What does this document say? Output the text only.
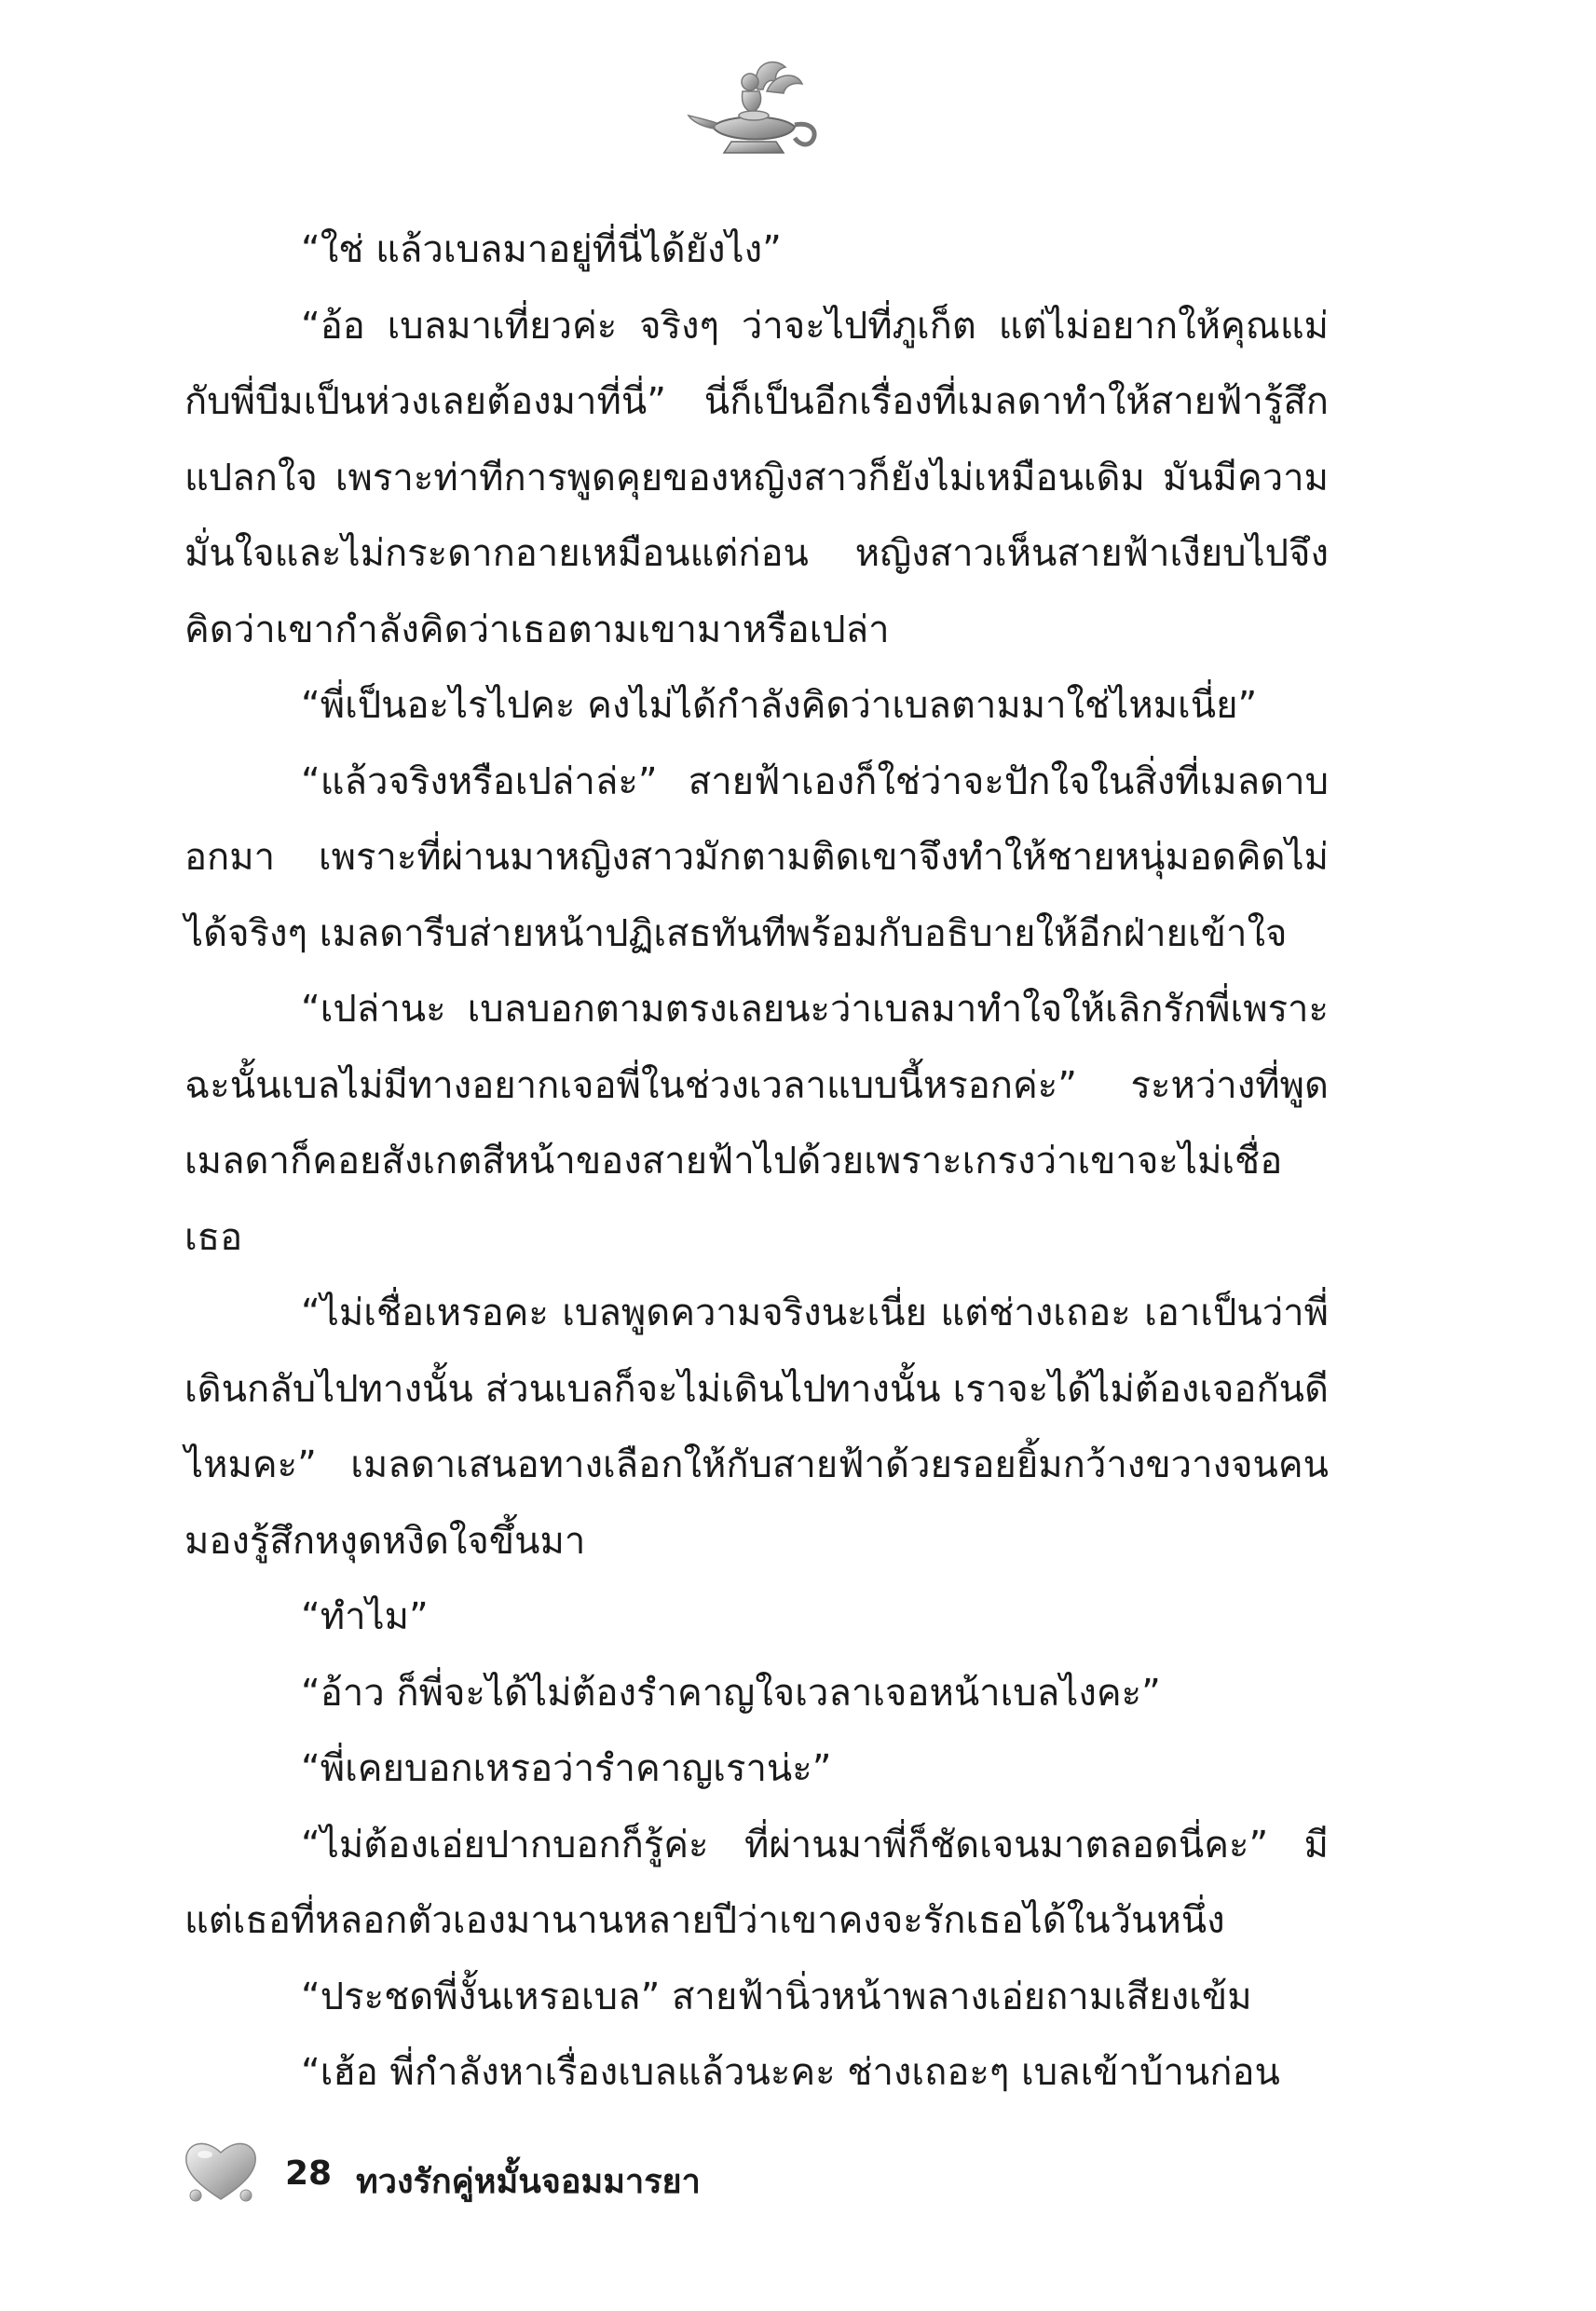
“ใช่ แล้วเบลมาอยู่ที่นี่ได้ยังไง”

“อ้อ เบลมาเที่ยวค่ะ จริงๆ ว่าจะไปที่ภูเก็ต แต่ไม่อยากให้คุณแม่กับพี่บีมเป็นห่วงเลยต้องมาที่นี่” นี่ก็เป็นอีกเรื่องที่เมลดาทำให้สายฟ้ารู้สึกแปลกใจ เพราะท่าทีการพูดคุยของหญิงสาวก็ยังไม่เหมือนเดิม มันมีความมั่นใจและไม่กระดากอายเหมือนแต่ก่อน หญิงสาวเห็นสายฟ้าเงียบไปจึงคิดว่าเขากำลังคิดว่าเธอตามเขามาหรือเปล่า

“พี่เป็นอะไรไปคะ คงไม่ได้กำลังคิดว่าเบลตามมาใช่ไหมเนี่ย”

“แล้วจริงหรือเปล่าล่ะ” สายฟ้าเองก็ใช่ว่าจะปักใจในสิ่งที่เมลดาบอกมา เพราะที่ผ่านมาหญิงสาวมักตามติดเขาจึงทำให้ชายหนุ่มอดคิดไม่ได้จริงๆ เมลดารีบส่ายหน้าปฏิเสธทันทีพร้อมกับอธิบายให้อีกฝ่ายเข้าใจ

“เปล่านะ เบลบอกตามตรงเลยนะว่าเบลมาทำใจให้เลิกรักพี่เพราะฉะนั้นเบลไม่มีทางอยากเจอพี่ในช่วงเวลาแบบนี้หรอกค่ะ” ระหว่างที่พูดเมลดาก็คอยสังเกตสีหน้าของสายฟ้าไปด้วยเพราะเกรงว่าเขาจะไม่เชื่อเธอ

“ไม่เชื่อเหรอคะ เบลพูดความจริงนะเนี่ย แต่ช่างเถอะ เอาเป็นว่าพี่เดินกลับไปทางนั้น ส่วนเบลก็จะไม่เดินไปทางนั้น เราจะได้ไม่ต้องเจอกันดีไหมคะ” เมลดาเสนอทางเลือกให้กับสายฟ้าด้วยรอยยิ้มกว้างขวางจนคนมองรู้สึกหงุดหงิดใจขึ้นมา

“ทำไม”

“อ้าว ก็พี่จะได้ไม่ต้องรำคาญใจเวลาเจอหน้าเบลไงคะ”

“พี่เคยบอกเหรอว่ารำคาญเราน่ะ”

“ไม่ต้องเอ่ยปากบอกก็รู้ค่ะ ที่ผ่านมาพี่ก็ชัดเจนมาตลอดนี่คะ” มีแต่เธอที่หลอกตัวเองมานานหลายปีว่าเขาคงจะรักเธอได้ในวันหนึ่ง

“ประชดพี่งั้นเหรอเบล” สายฟ้านิ่วหน้าพลางเอ่ยถามเสียงเข้ม

“เฮ้อ พี่กำลังหาเรื่องเบลแล้วนะคะ ช่างเถอะๆ เบลเข้าบ้านก่อน

28 ทวงรักคู่หมั้นจอมมารยา
